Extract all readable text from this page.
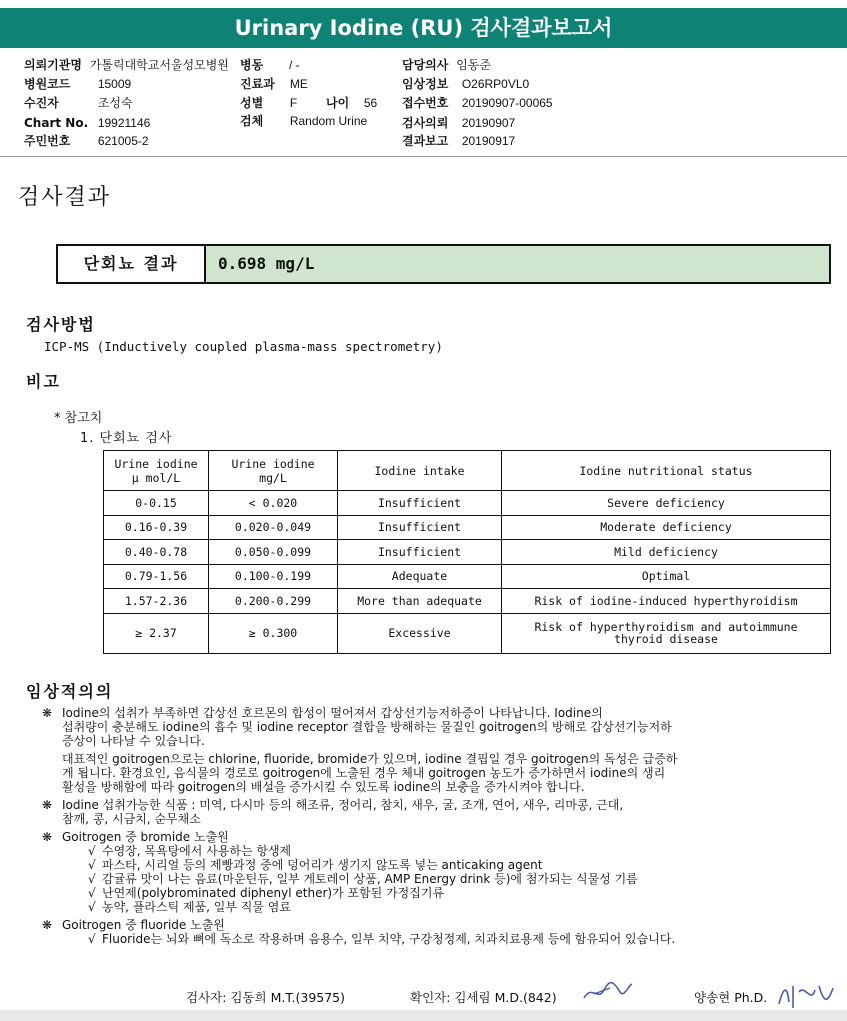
Urinary Iodine (RU) 검사결과보고서
의뢰기관명 가톨릭대학교서울성모병원 병동 / -	담당의사 임동준
병원코드 15009	진료과 ME	임상정보 O26RP0VL0
수진자	조성숙	성별 F 나이 56 접수번호 20190907-00065
Chart No. 19921146	검체 Random Urine	검사의뢰 20190907
주민번호 621005-2	결과보고 20190917
검사결과
단회뇨 결과	0.698 mg/L
검사방법
ICP-MS (Inductively coupled plasma-mass spectrometry)
비고
* 참고치
1. 단회뇨 검사
Urine iodine
μ mol/L	Urine iodine
mg/L	Iodine intake	Iodine nutritional status
0-0.15	< 0.020	Insufficient	Severe deficiency
0.16-0.39	0.020-0.049	Insufficient	Moderate deficiency
0.40-0.78	0.050-0.099	Insufficient	Mild deficiency
0.79-1.56	0.100-0.199	Adequate	Optimal
1.57-2.36	0.200-0.299	More than adequate	Risk of iodine-induced hyperthyroidism
≥ 2.37	≥ 0.300	Excessive	Risk of hyperthyroidism and autoimmune
thyroid disease
임상적의의
❋ Iodine의 섭취가 부족하면 갑상선 호르몬의 합성이 떨어져서 갑상선기능저하증이 나타납니다. Iodine의
섭취량이 충분해도 iodine의 흡수 및 iodine receptor 결합을 방해하는 물질인 goitrogen의 방해로 갑상선기능저하
증상이 나타날 수 있습니다.
대표적인 goitrogen으로는 chlorine, fluoride, bromide가 있으며, iodine 결핍일 경우 goitrogen의 독성은 급증하
게 됩니다. 환경요인, 음식물의 경로로 goitrogen에 노출된 경우 체내 goitrogen 농도가 증가하면서 iodine의 생리
활성을 방해함에 따라 goitrogen의 배설을 증가시킬 수 있도록 iodine의 보충을 증가시켜야 합니다.
❋ Iodine 섭취가능한 식품 : 미역, 다시마 등의 해조류, 정어리, 참치, 새우, 굴, 조개, 연어, 새우, 리마콩, 근대,
참깨, 콩, 시금치, 순무채소
❋ Goitrogen 중 bromide 노출원
√ 수영장, 목욕탕에서 사용하는 항생제
√ 파스타, 시리얼 등의 제빵과정 중에 덩어리가 생기지 않도록 넣는 anticaking agent
√ 감귤류 맛이 나는 음료(마운틴듀, 일부 게토레이 상품, AMP Energy drink 등)에 첨가되는 식물성 기름
√ 난연제(polybrominated diphenyl ether)가 포함된 가정집기류
√ 농약, 플라스틱 제품, 일부 직물 염료
❋ Goitrogen 중 fluoride 노출원
√ Fluoride는 뇌와 뼈에 독소로 작용하며 음용수, 일부 치약, 구강청정제, 치과치료용제 등에 함유되어 있습니다.
검사자: 김동희 M.T.(39575)	확인자: 김세림 M.D.(842)	양송현 Ph.D.
